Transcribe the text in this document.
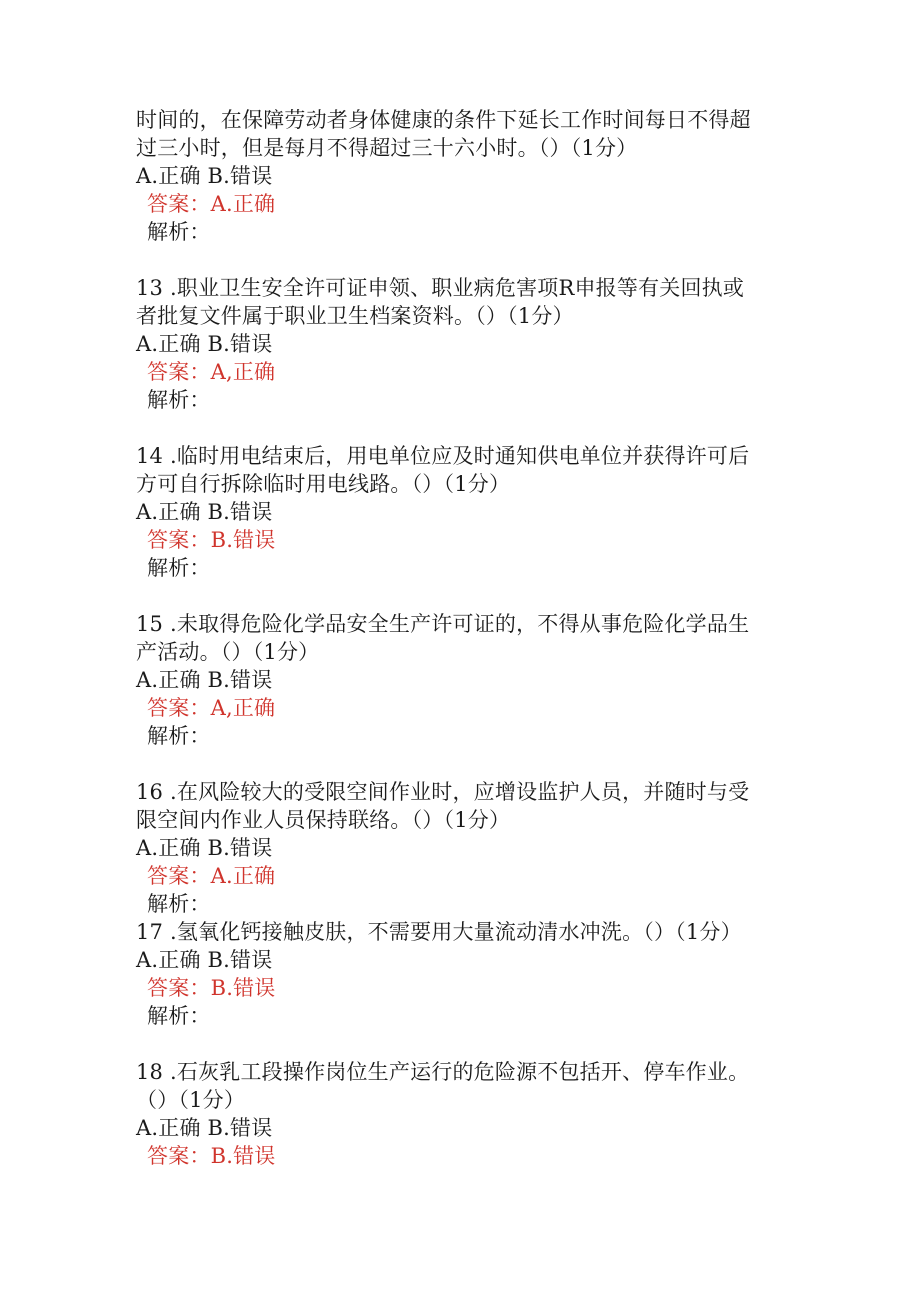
时间的，在保障劳动者身体健康的条件下延长工作时间每日不得超
过三小时，但是每月不得超过三十六小时。（）（1分）
A.正确 B.错误
答案：A.正确
解析：
13 .职业卫生安全许可证申领、职业病危害项R申报等有关回执或
者批复文件属于职业卫生档案资料。（）（1分）
A.正确 B.错误
答案：A,正确
解析：
14 .临时用电结束后，用电单位应及时通知供电单位并获得许可后
方可自行拆除临时用电线路。（）（1分）
A.正确 B.错误
答案：B.错误
解析：
15 .未取得危险化学品安全生产许可证的，不得从事危险化学品生
产活动。（）（1分）
A.正确 B.错误
答案：A,正确
解析：
16 .在风险较大的受限空间作业时，应增设监护人员，并随时与受
限空间内作业人员保持联络。（）（1分）
A.正确 B.错误
答案：A.正确
解析：
17 .氢氧化钙接触皮肤，不需要用大量流动清水冲洗。（）（1分）
A.正确 B.错误
答案：B.错误
解析：
18 .石灰乳工段操作岗位生产运行的危险源不包括开、停车作业。
（）（1分）
A.正确 B.错误
答案：B.错误
